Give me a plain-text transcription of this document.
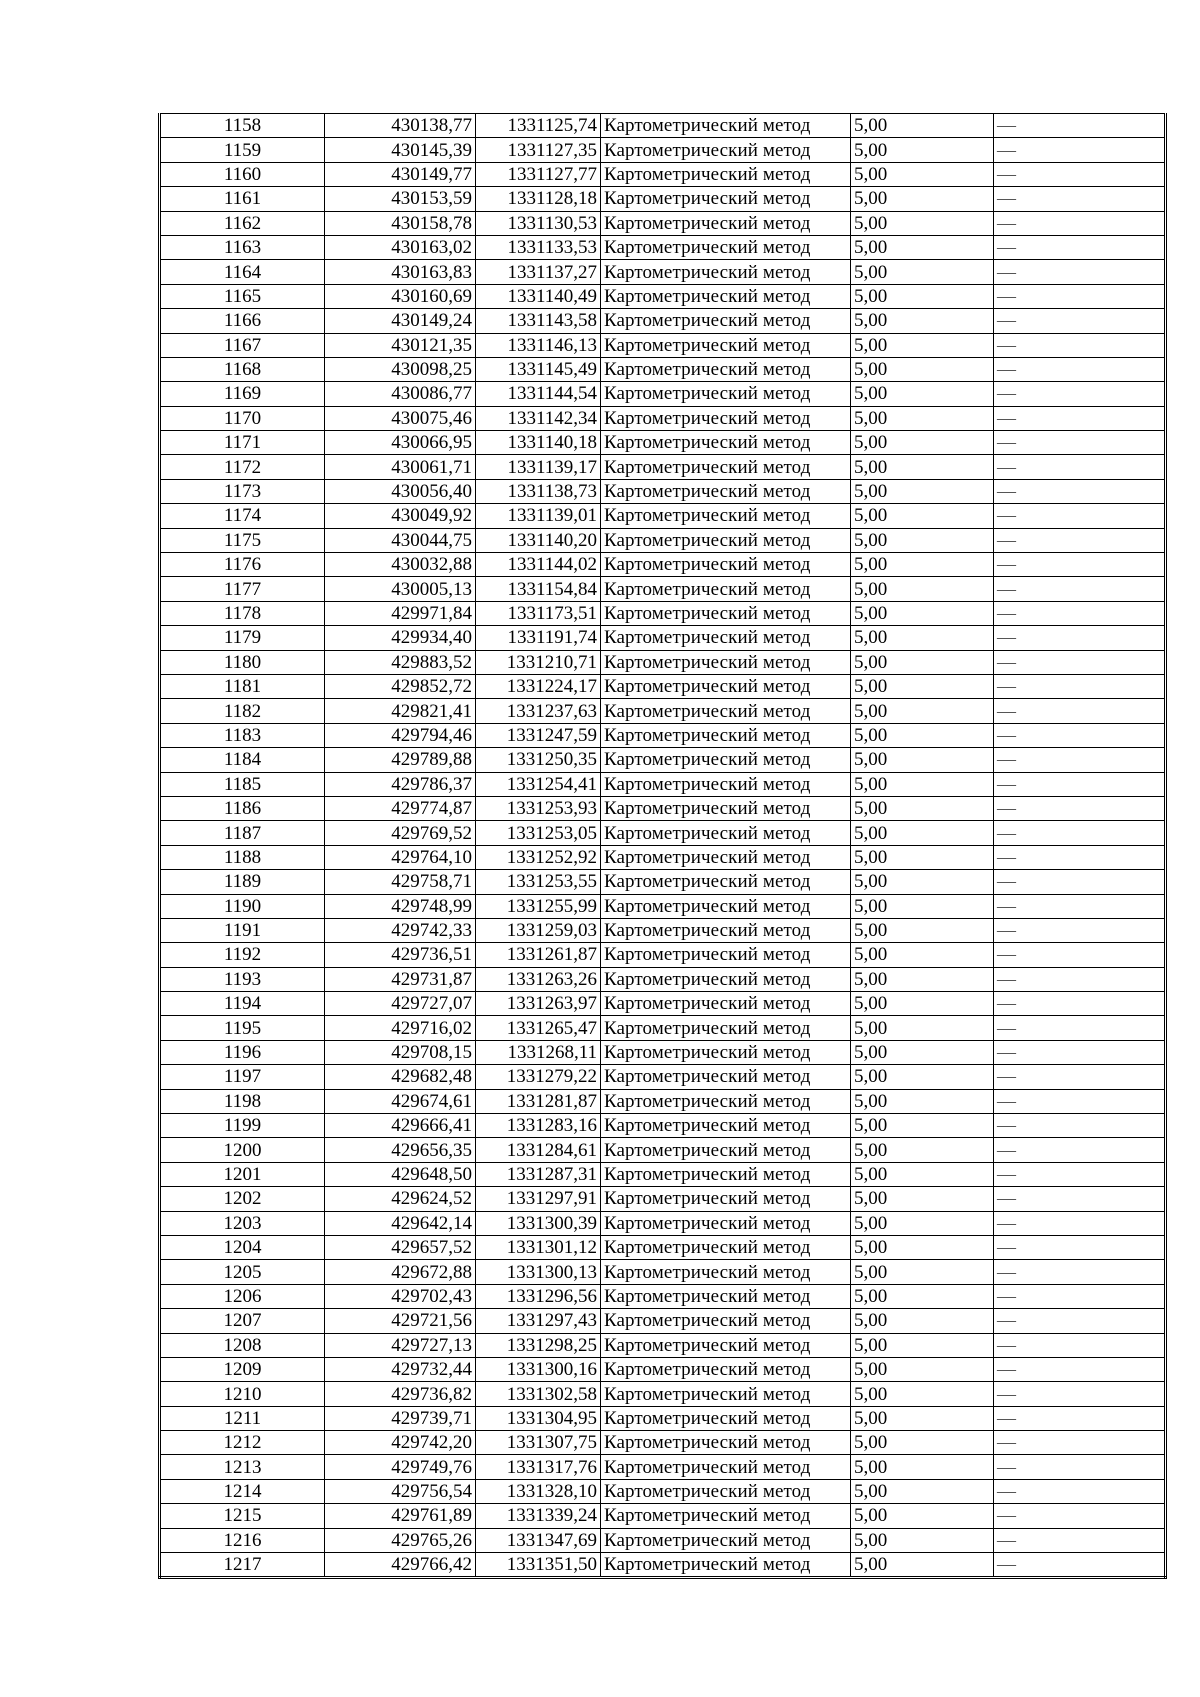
1158	430138,77	1331125,74	Картометрический метод	5,00	—
1159	430145,39	1331127,35	Картометрический метод	5,00	—
1160	430149,77	1331127,77	Картометрический метод	5,00	—
1161	430153,59	1331128,18	Картометрический метод	5,00	—
1162	430158,78	1331130,53	Картометрический метод	5,00	—
1163	430163,02	1331133,53	Картометрический метод	5,00	—
1164	430163,83	1331137,27	Картометрический метод	5,00	—
1165	430160,69	1331140,49	Картометрический метод	5,00	—
1166	430149,24	1331143,58	Картометрический метод	5,00	—
1167	430121,35	1331146,13	Картометрический метод	5,00	—
1168	430098,25	1331145,49	Картометрический метод	5,00	—
1169	430086,77	1331144,54	Картометрический метод	5,00	—
1170	430075,46	1331142,34	Картометрический метод	5,00	—
1171	430066,95	1331140,18	Картометрический метод	5,00	—
1172	430061,71	1331139,17	Картометрический метод	5,00	—
1173	430056,40	1331138,73	Картометрический метод	5,00	—
1174	430049,92	1331139,01	Картометрический метод	5,00	—
1175	430044,75	1331140,20	Картометрический метод	5,00	—
1176	430032,88	1331144,02	Картометрический метод	5,00	—
1177	430005,13	1331154,84	Картометрический метод	5,00	—
1178	429971,84	1331173,51	Картометрический метод	5,00	—
1179	429934,40	1331191,74	Картометрический метод	5,00	—
1180	429883,52	1331210,71	Картометрический метод	5,00	—
1181	429852,72	1331224,17	Картометрический метод	5,00	—
1182	429821,41	1331237,63	Картометрический метод	5,00	—
1183	429794,46	1331247,59	Картометрический метод	5,00	—
1184	429789,88	1331250,35	Картометрический метод	5,00	—
1185	429786,37	1331254,41	Картометрический метод	5,00	—
1186	429774,87	1331253,93	Картометрический метод	5,00	—
1187	429769,52	1331253,05	Картометрический метод	5,00	—
1188	429764,10	1331252,92	Картометрический метод	5,00	—
1189	429758,71	1331253,55	Картометрический метод	5,00	—
1190	429748,99	1331255,99	Картометрический метод	5,00	—
1191	429742,33	1331259,03	Картометрический метод	5,00	—
1192	429736,51	1331261,87	Картометрический метод	5,00	—
1193	429731,87	1331263,26	Картометрический метод	5,00	—
1194	429727,07	1331263,97	Картометрический метод	5,00	—
1195	429716,02	1331265,47	Картометрический метод	5,00	—
1196	429708,15	1331268,11	Картометрический метод	5,00	—
1197	429682,48	1331279,22	Картометрический метод	5,00	—
1198	429674,61	1331281,87	Картометрический метод	5,00	—
1199	429666,41	1331283,16	Картометрический метод	5,00	—
1200	429656,35	1331284,61	Картометрический метод	5,00	—
1201	429648,50	1331287,31	Картометрический метод	5,00	—
1202	429624,52	1331297,91	Картометрический метод	5,00	—
1203	429642,14	1331300,39	Картометрический метод	5,00	—
1204	429657,52	1331301,12	Картометрический метод	5,00	—
1205	429672,88	1331300,13	Картометрический метод	5,00	—
1206	429702,43	1331296,56	Картометрический метод	5,00	—
1207	429721,56	1331297,43	Картометрический метод	5,00	—
1208	429727,13	1331298,25	Картометрический метод	5,00	—
1209	429732,44	1331300,16	Картометрический метод	5,00	—
1210	429736,82	1331302,58	Картометрический метод	5,00	—
1211	429739,71	1331304,95	Картометрический метод	5,00	—
1212	429742,20	1331307,75	Картометрический метод	5,00	—
1213	429749,76	1331317,76	Картометрический метод	5,00	—
1214	429756,54	1331328,10	Картометрический метод	5,00	—
1215	429761,89	1331339,24	Картометрический метод	5,00	—
1216	429765,26	1331347,69	Картометрический метод	5,00	—
1217	429766,42	1331351,50	Картометрический метод	5,00	—
